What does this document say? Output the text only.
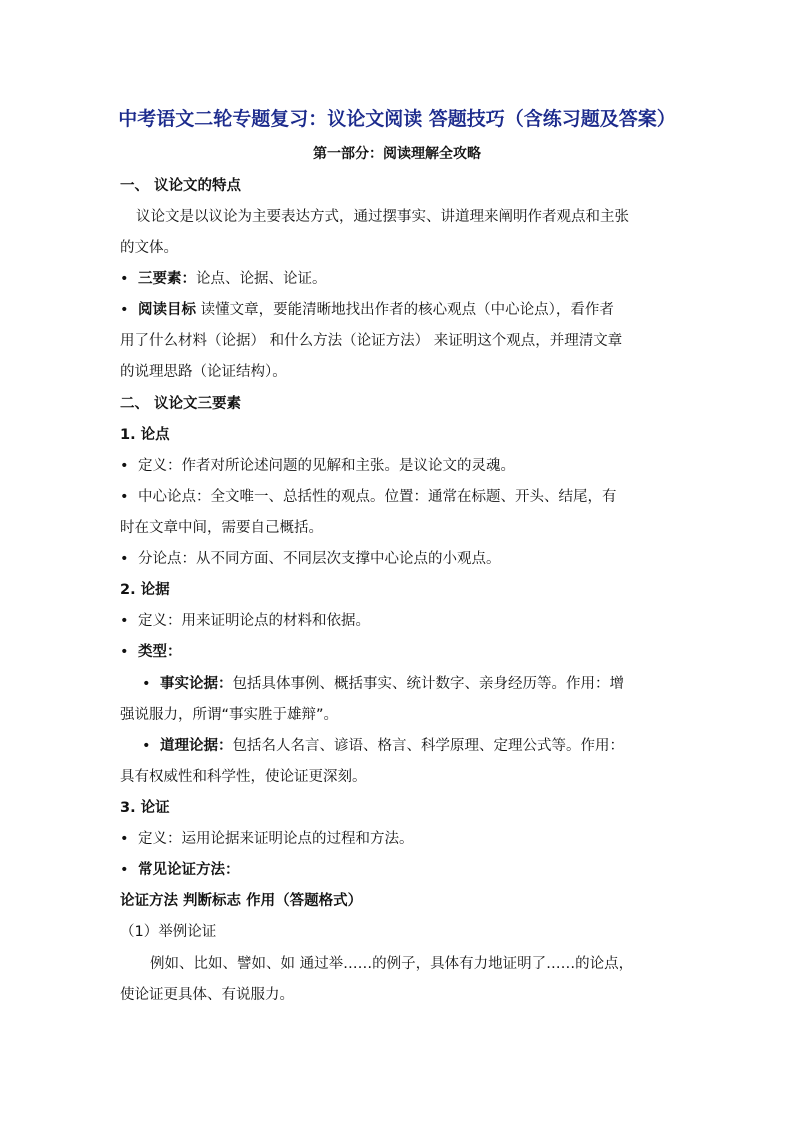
中考语文二轮专题复习：议论文阅读 答题技巧（含练习题及答案）
第一部分：阅读理解全攻略
一、 议论文的特点
议论文是以议论为主要表达方式，通过摆事实、讲道理来阐明作者观点和主张
的文体。
• 三要素：论点、论据、论证。
• 阅读目标 读懂文章，要能清晰地找出作者的核心观点（中心论点），看作者
用了什么材料（论据） 和什么方法（论证方法） 来证明这个观点，并理清文章
的说理思路（论证结构）。
二、 议论文三要素
1. 论点
• 定义：作者对所论述问题的见解和主张。是议论文的灵魂。
• 中心论点：全文唯一、总括性的观点。位置：通常在标题、开头、结尾，有
时在文章中间，需要自己概括。
• 分论点：从不同方面、不同层次支撑中心论点的小观点。
2. 论据
• 定义：用来证明论点的材料和依据。
• 类型：
• 事实论据：包括具体事例、概括事实、统计数字、亲身经历等。作用：增
强说服力，所谓“事实胜于雄辩”。
• 道理论据：包括名人名言、谚语、格言、科学原理、定理公式等。作用：
具有权威性和科学性，使论证更深刻。
3. 论证
• 定义：运用论据来证明论点的过程和方法。
• 常见论证方法：
论证方法 判断标志 作用（答题格式）
（1）举例论证
例如、比如、譬如、如 通过举……的例子，具体有力地证明了……的论点，
使论证更具体、有说服力。
